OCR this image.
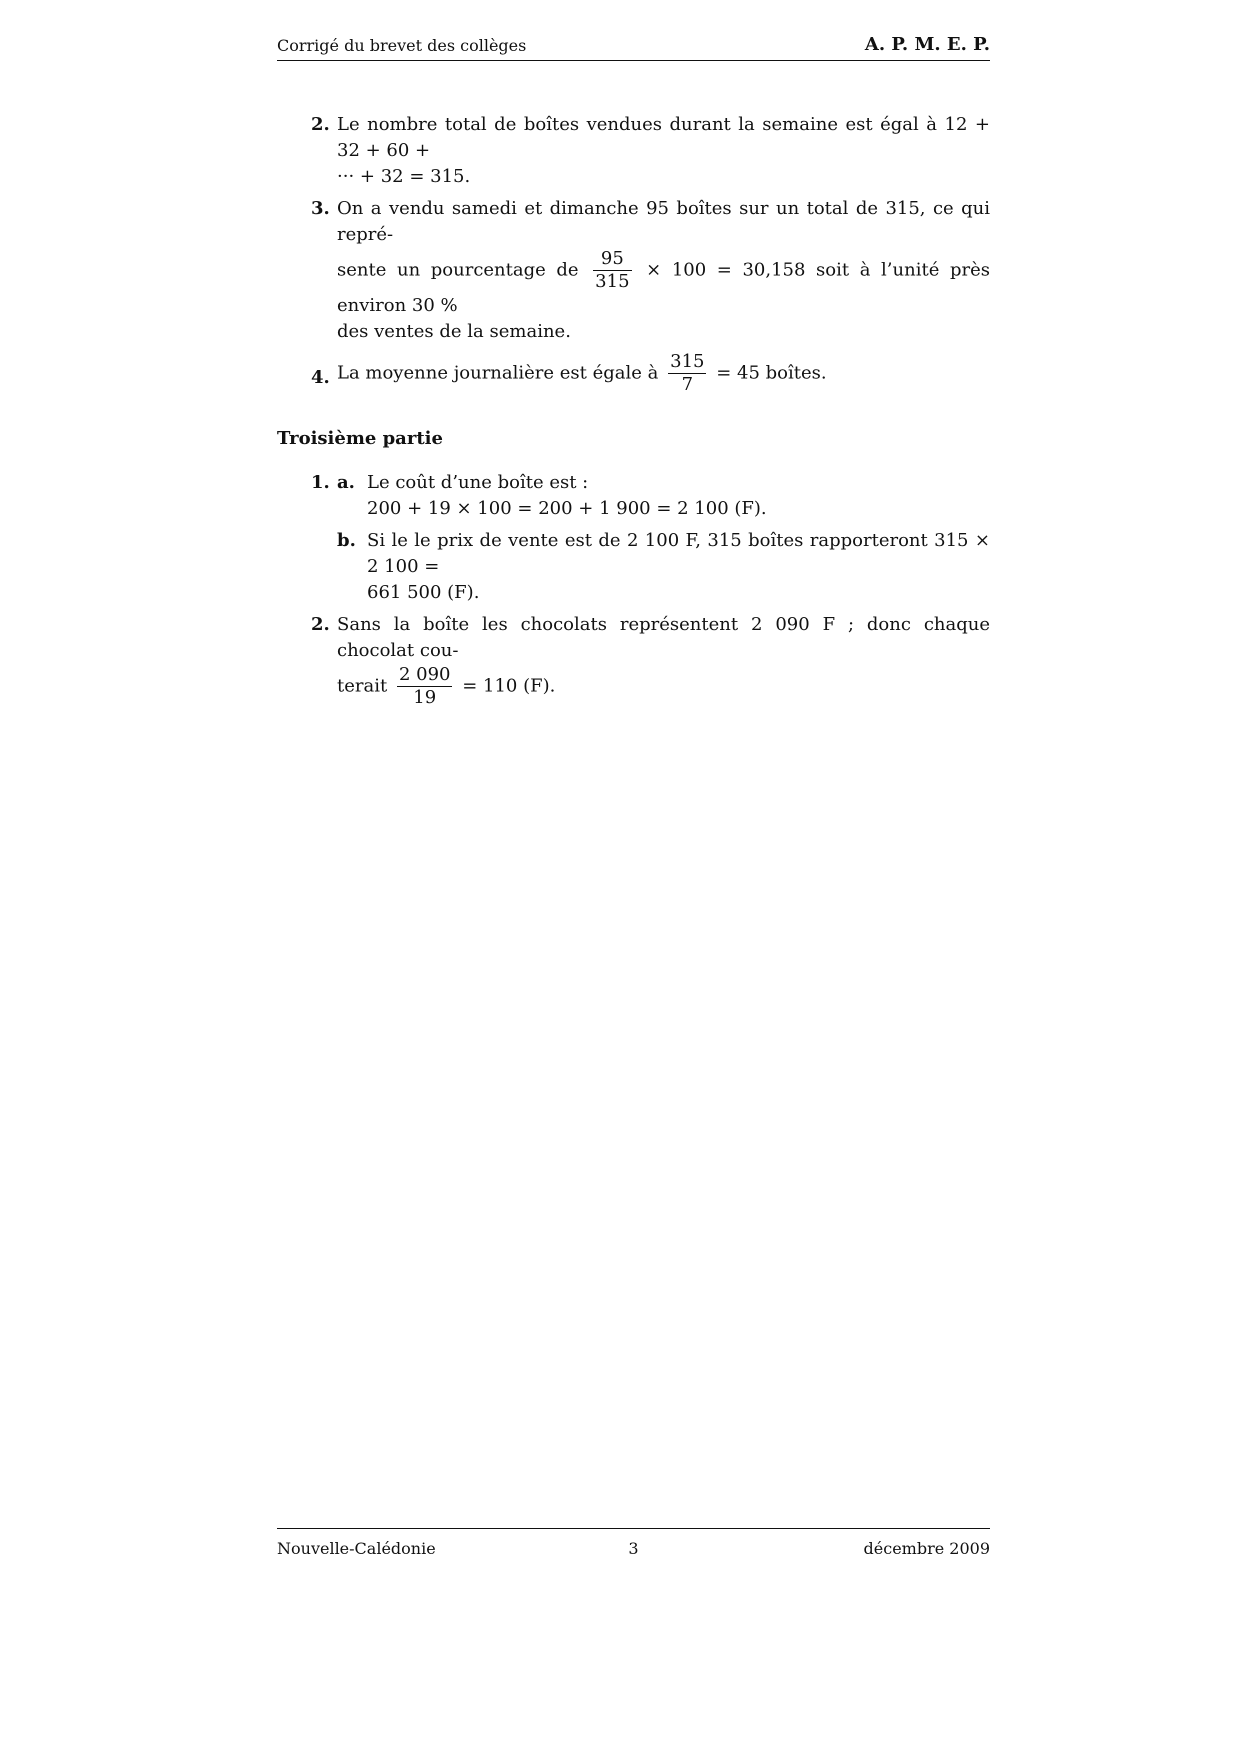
Corrigé du brevet des collèges	A. P. M. E. P.
2. Le nombre total de boîtes vendues durant la semaine est égal à 12 + 32 + 60 +
··· + 32 = 315.
3. On a vendu samedi et dimanche 95 boîtes sur un total de 315, ce qui repré-
sente un pourcentage de $\frac{95}{315} \times 100 = 30,158$ soit à l’unité près environ 30 %
des ventes de la semaine.
4. La moyenne journalière est égale à $\frac{315}{7} = 45$ boîtes.
Troisième partie
1. a. Le coût d’une boîte est :
200 + 19 × 100 = 200 + 1 900 = 2 100 (F).
b. Si le le prix de vente est de 2 100 F, 315 boîtes rapporteront 315 × 2 100 =
661 500 (F).
2. Sans la boîte les chocolats représentent 2 090 F ; donc chaque chocolat cou-
terait $\frac{2 090}{19} = 110$ (F).
Nouvelle-Calédonie	3	décembre 2009
